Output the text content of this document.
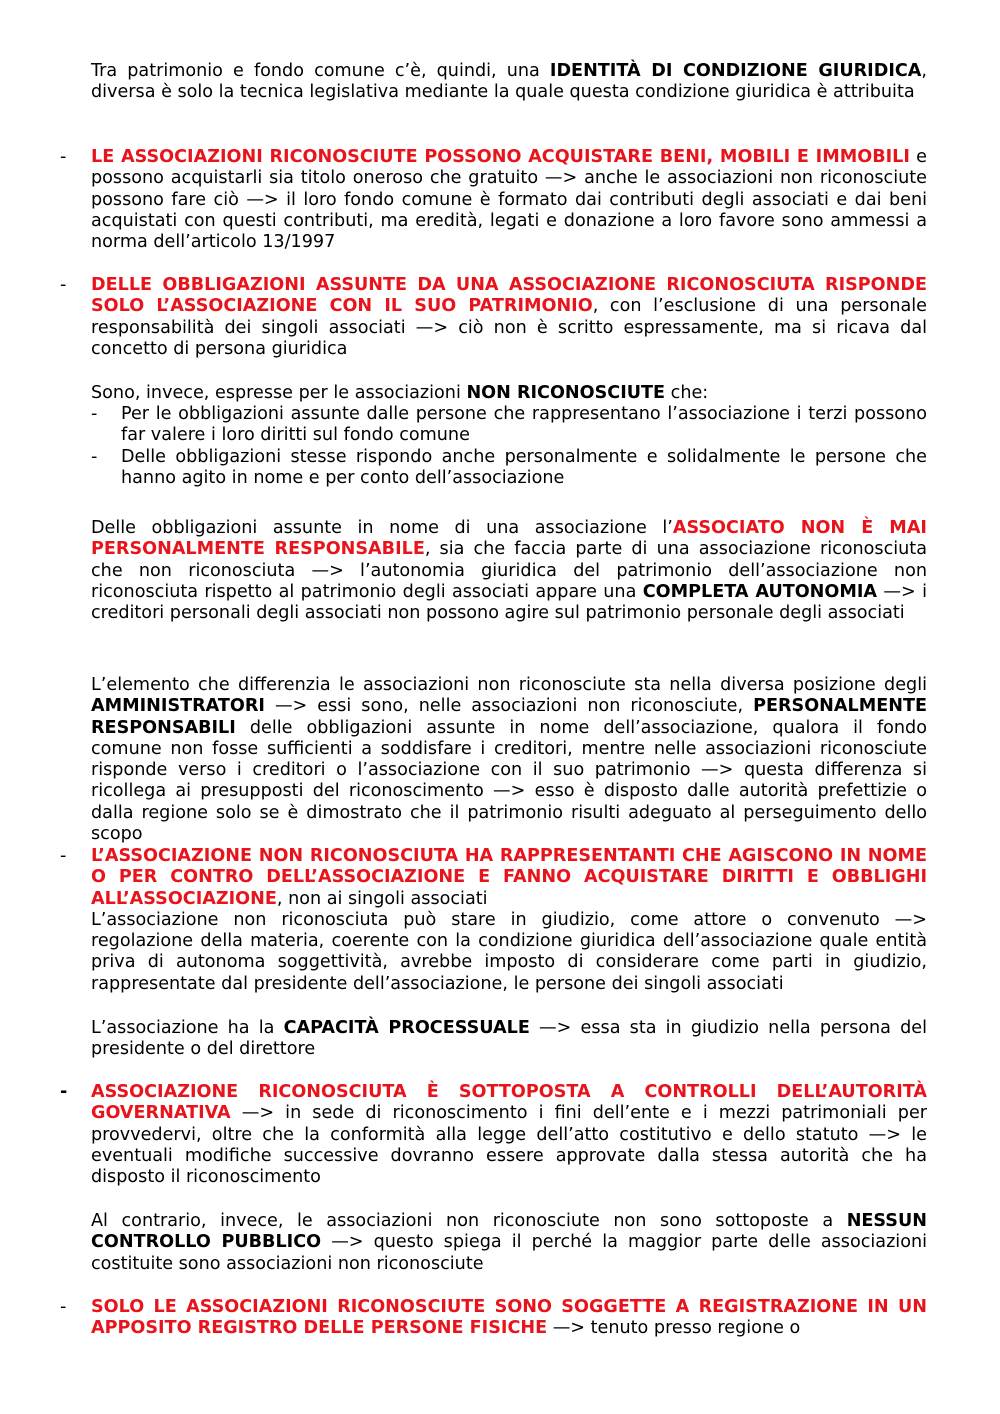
Tra patrimonio e fondo comune c’è, quindi, una IDENTITÀ DI CONDIZIONE GIURIDICA, diversa è solo la tecnica legislativa mediante la quale questa condizione giuridica è attribuita

- LE ASSOCIAZIONI RICONOSCIUTE POSSONO ACQUISTARE BENI, MOBILI E IMMOBILI e possono acquistarli sia titolo oneroso che gratuito —> anche le associazioni non riconosciute possono fare ciò —> il loro fondo comune è formato dai contributi degli associati e dai beni acquistati con questi contributi, ma eredità, legati e donazione a loro favore sono ammessi a norma dell’articolo 13/1997
- DELLE OBBLIGAZIONI ASSUNTE DA UNA ASSOCIAZIONE RICONOSCIUTA RISPONDE SOLO L’ASSOCIAZIONE CON IL SUO PATRIMONIO, con l’esclusione di una personale responsabilità dei singoli associati —> ciò non è scritto espressamente, ma si ricava dal concetto di persona giuridica

Sono, invece, espresse per le associazioni NON RICONOSCIUTE che:

- Per le obbligazioni assunte dalle persone che rappresentano l’associazione i terzi possono far valere i loro diritti sul fondo comune
- Delle obbligazioni stesse rispondo anche personalmente e solidalmente le persone che hanno agito in nome e per conto dell’associazione

Delle obbligazioni assunte in nome di una associazione l’ASSOCIATO NON È MAI PERSONALMENTE RESPONSABILE, sia che faccia parte di una associazione riconosciuta che non riconosciuta —> l’autonomia giuridica del patrimonio dell’associazione non riconosciuta rispetto al patrimonio degli associati appare una COMPLETA AUTONOMIA —> i creditori personali degli associati non possono agire sul patrimonio personale degli associati

L’elemento che differenzia le associazioni non riconosciute sta nella diversa posizione degli AMMINISTRATORI —> essi sono, nelle associazioni non riconosciute, PERSONALMENTE RESPONSABILI delle obbligazioni assunte in nome dell’associazione, qualora il fondo comune non fosse sufficienti a soddisfare i creditori, mentre nelle associazioni riconosciute risponde verso i creditori o l’associazione con il suo patrimonio —> questa differenza si ricollega ai presupposti del riconoscimento —> esso è disposto dalle autorità prefettizie o dalla regione solo se è dimostrato che il patrimonio risulti adeguato al perseguimento dello scopo

- L’ASSOCIAZIONE NON RICONOSCIUTA HA RAPPRESENTANTI CHE AGISCONO IN NOME O PER CONTRO DELL’ASSOCIAZIONE E FANNO ACQUISTARE DIRITTI E OBBLIGHI ALL’ASSOCIAZIONE, non ai singoli associati

L’associazione non riconosciuta può stare in giudizio, come attore o convenuto —> regolazione della materia, coerente con la condizione giuridica dell’associazione quale entità priva di autonoma soggettività, avrebbe imposto di considerare come parti in giudizio, rappresentate dal presidente dell’associazione, le persone dei singoli associati

L’associazione ha la CAPACITÀ PROCESSUALE —> essa sta in giudizio nella persona del presidente o del direttore

- ASSOCIAZIONE RICONOSCIUTA È SOTTOPOSTA A CONTROLLI DELL’AUTORITÀ GOVERNATIVA —> in sede di riconoscimento i fini dell’ente e i mezzi patrimoniali per provvedervi, oltre che la conformità alla legge dell’atto costitutivo e dello statuto —> le eventuali modifiche successive dovranno essere approvate dalla stessa autorità che ha disposto il riconoscimento

Al contrario, invece, le associazioni non riconosciute non sono sottoposte a NESSUN CONTROLLO PUBBLICO —> questo spiega il perché la maggior parte delle associazioni costituite sono associazioni non riconosciute

- SOLO LE ASSOCIAZIONI RICONOSCIUTE SONO SOGGETTE A REGISTRAZIONE IN UN APPOSITO REGISTRO DELLE PERSONE FISICHE —> tenuto presso regione o
